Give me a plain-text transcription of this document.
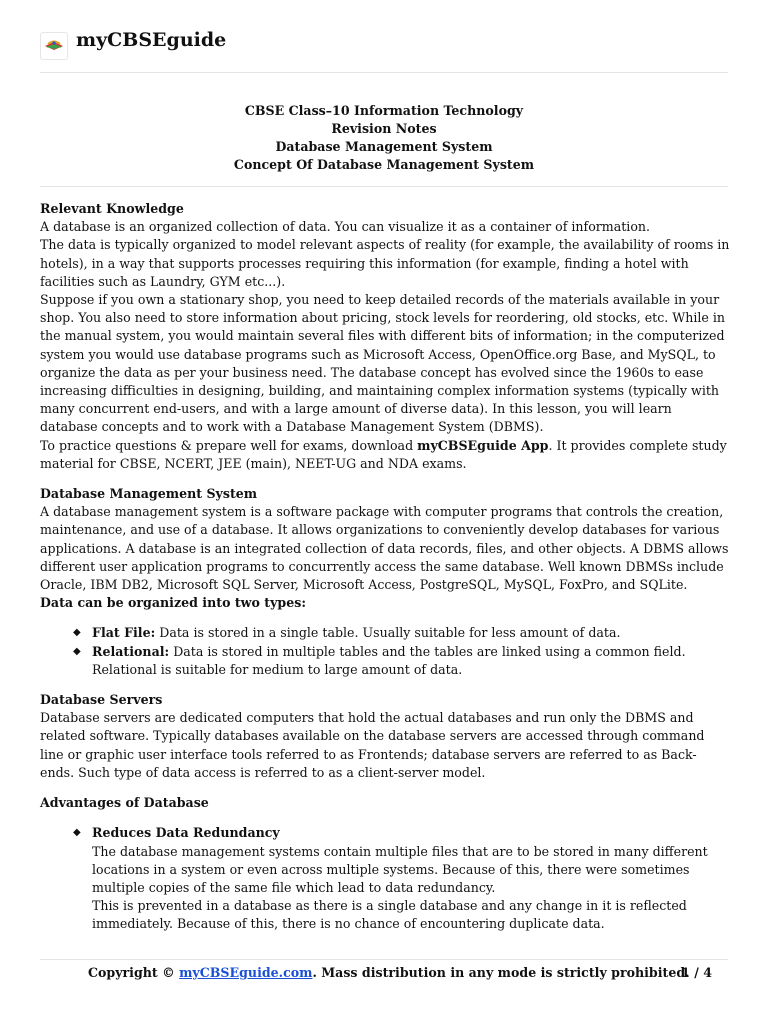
myCBSEguide
CBSE Class–10 Information Technology
Revision Notes
Database Management System
Concept Of Database Management System

Relevant Knowledge

A database is an organized collection of data. You can visualize it as a container of information.

The data is typically organized to model relevant aspects of reality (for example, the availability of rooms in hotels), in a way that supports processes requiring this information (for example, finding a hotel with facilities such as Laundry, GYM etc...).

Suppose if you own a stationary shop, you need to keep detailed records of the materials available in your shop. You also need to store information about pricing, stock levels for reordering, old stocks, etc. While in the manual system, you would maintain several files with different bits of information; in the computerized system you would use database programs such as Microsoft Access, OpenOffice.org Base, and MySQL, to organize the data as per your business need. The database concept has evolved since the 1960s to ease increasing difficulties in designing, building, and maintaining complex information systems (typically with many concurrent end-users, and with a large amount of diverse data). In this lesson, you will learn database concepts and to work with a Database Management System (DBMS).

To practice questions & prepare well for exams, download myCBSEguide App. It provides complete study material for CBSE, NCERT, JEE (main), NEET-UG and NDA exams.

Database Management System

A database management system is a software package with computer programs that controls the creation, maintenance, and use of a database. It allows organizations to conveniently develop databases for various applications. A database is an integrated collection of data records, files, and other objects. A DBMS allows different user application programs to concurrently access the same database. Well known DBMSs include Oracle, IBM DB2, Microsoft SQL Server, Microsoft Access, PostgreSQL, MySQL, FoxPro, and SQLite.

Data can be organized into two types:

◆ Flat File: Data is stored in a single table. Usually suitable for less amount of data.
◆ Relational: Data is stored in multiple tables and the tables are linked using a common field. Relational is suitable for medium to large amount of data.

Database Servers

Database servers are dedicated computers that hold the actual databases and run only the DBMS and related software. Typically databases available on the database servers are accessed through command line or graphic user interface tools referred to as Frontends; database servers are referred to as Back-ends. Such type of data access is referred to as a client-server model.

Advantages of Database

◆ Reduces Data Redundancy

The database management systems contain multiple files that are to be stored in many different locations in a system or even across multiple systems. Because of this, there were sometimes multiple copies of the same file which lead to data redundancy.

This is prevented in a database as there is a single database and any change in it is reflected immediately. Because of this, there is no chance of encountering duplicate data.

Copyright © myCBSEguide.com. Mass distribution in any mode is strictly prohibited.
1 / 4
